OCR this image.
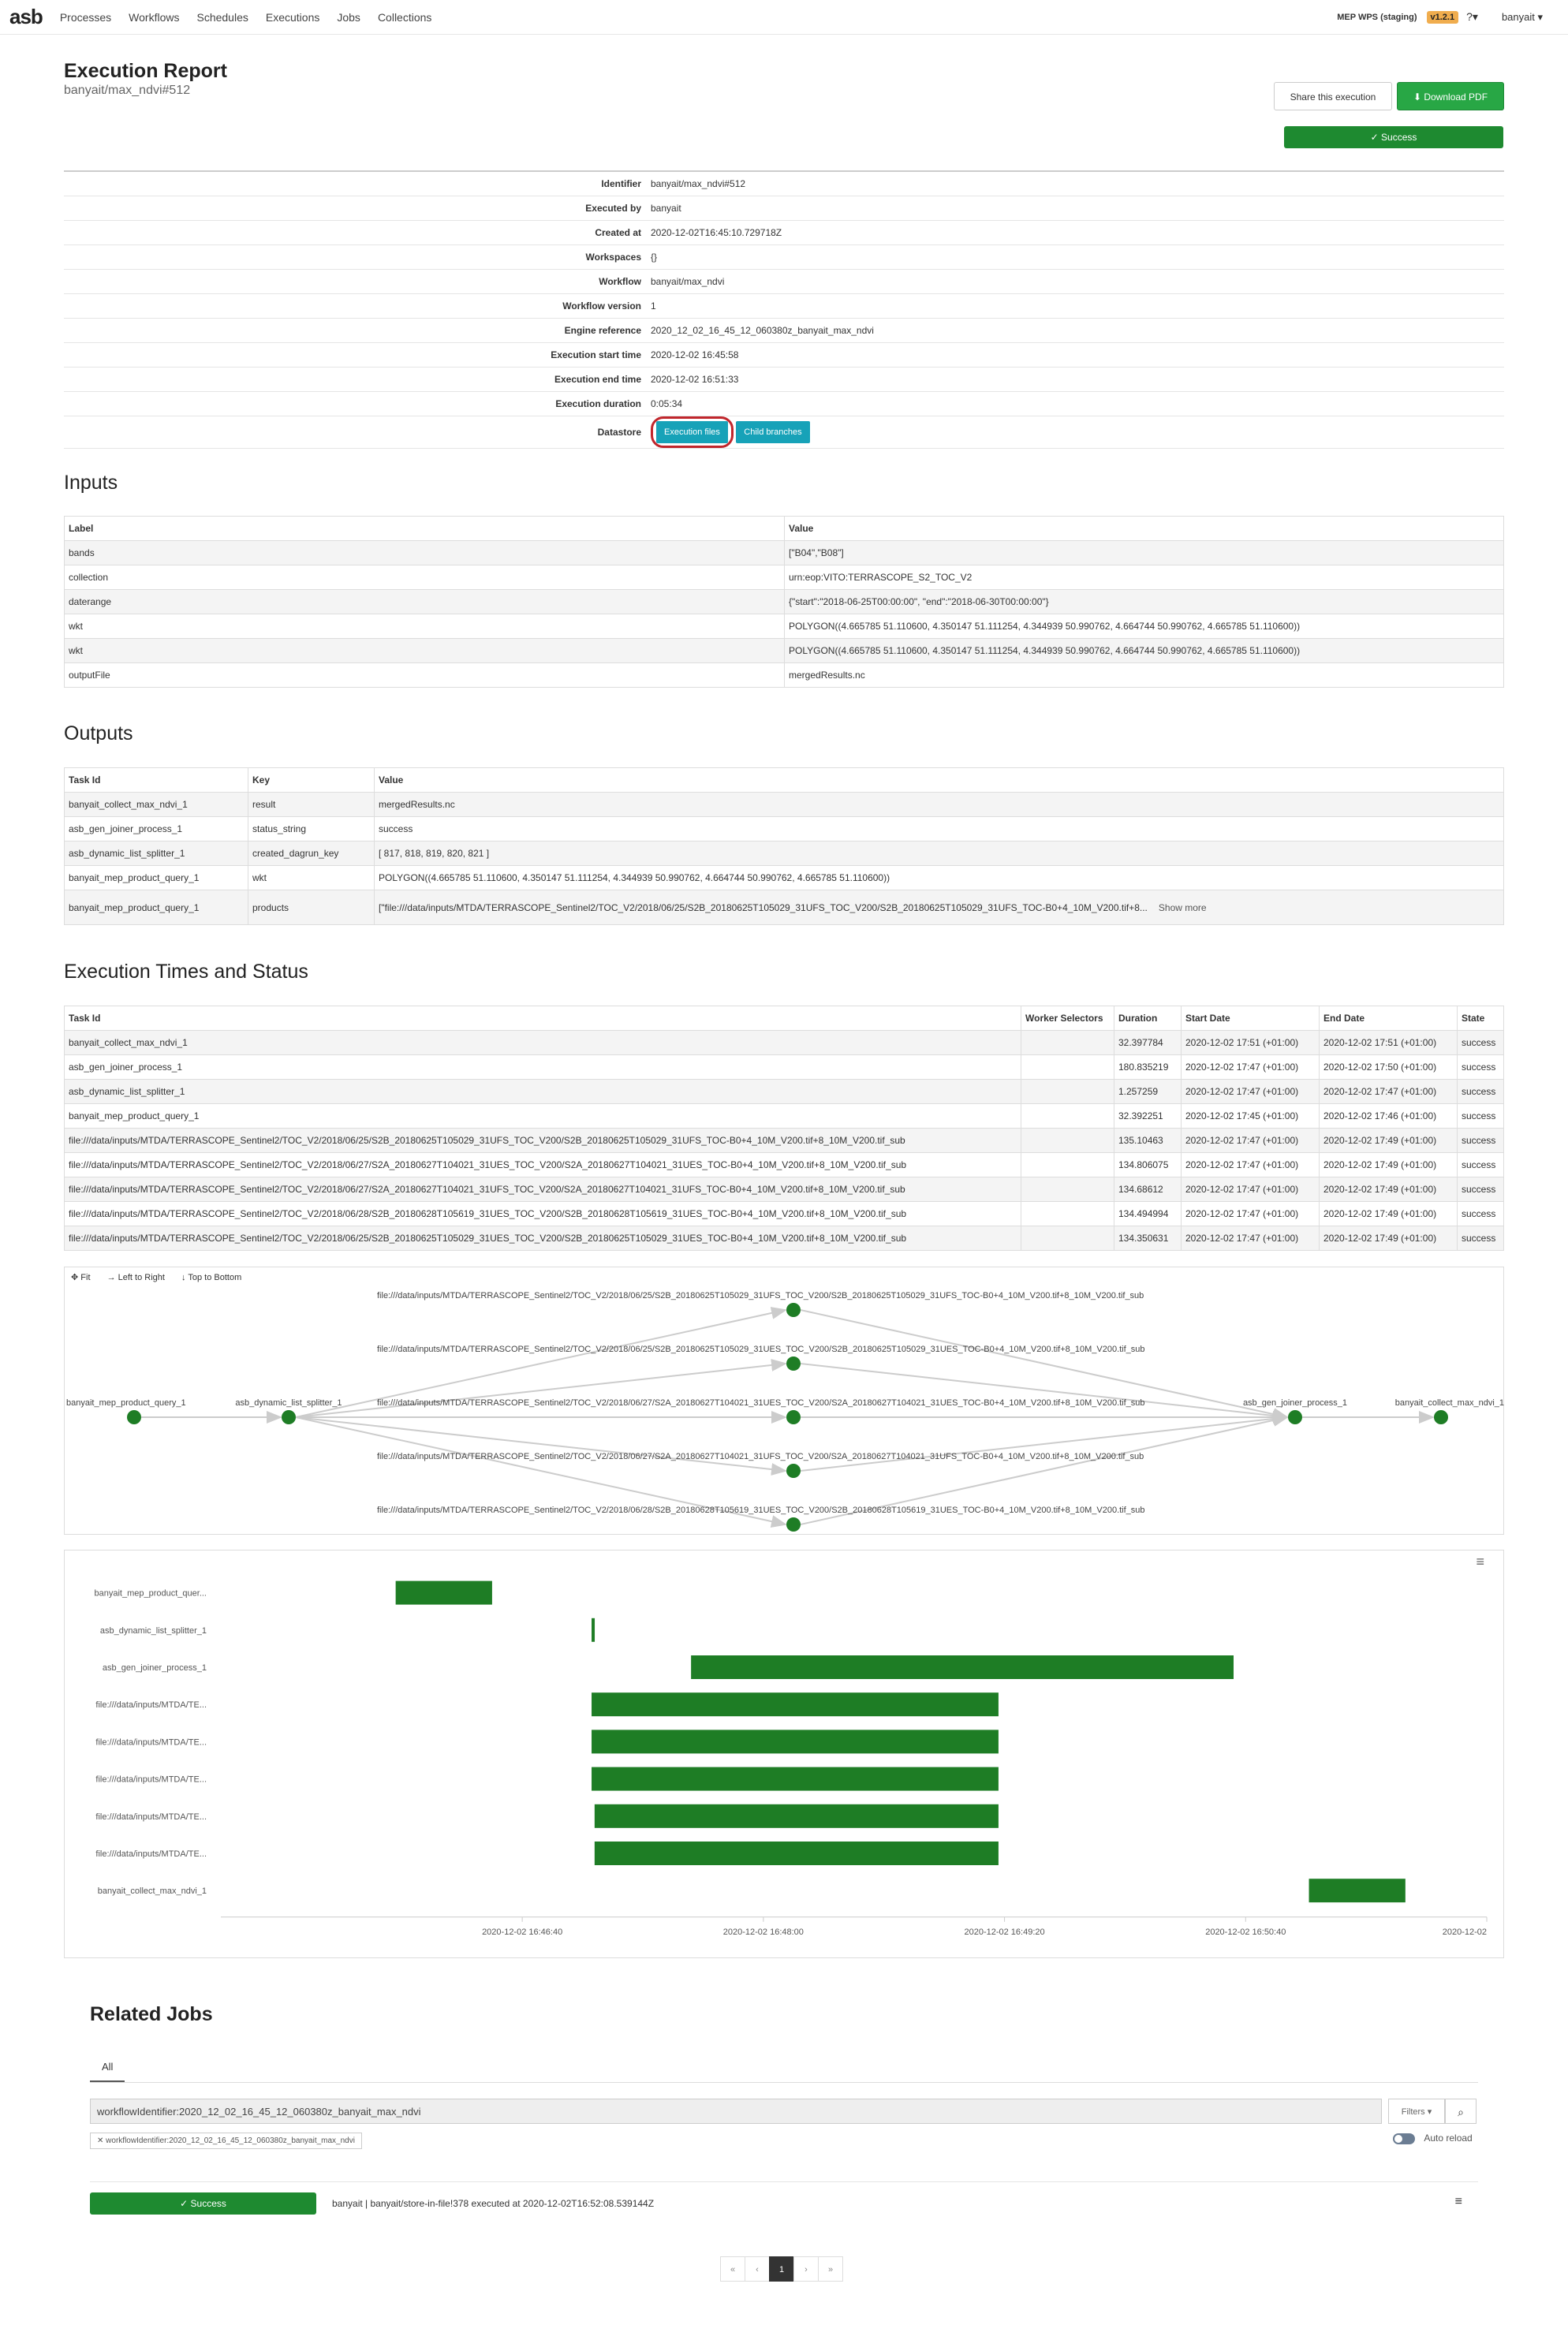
asb Processes Workflows Schedules Executions Jobs Collections	MEP WPS (staging)	v1.2.1	?▾ banyait ▾
Execution Report
banyait/max_ndvi#512	Share this execution	⬇ Download PDF
✓ Success
Identifier	banyait/max_ndvi#512
Executed by	banyait
Created at	2020-12-02T16:45:10.729718Z
Workspaces	{}
Workflow	banyait/max_ndvi
Workflow version	1
Engine reference	2020_12_02_16_45_12_060380z_banyait_max_ndvi
Execution start time	2020-12-02 16:45:58
Execution end time	2020-12-02 16:51:33
Execution duration	0:05:34
Datastore	Execution files Child branches
Inputs
Label	Value
bands	["B04","B08"]
collection	urn:eop:VITO:TERRASCOPE_S2_TOC_V2
daterange	{"start":"2018-06-25T00:00:00", "end":"2018-06-30T00:00:00"}
wkt	POLYGON((4.665785 51.110600, 4.350147 51.111254, 4.344939 50.990762, 4.664744 50.990762, 4.665785 51.110600))
wkt	POLYGON((4.665785 51.110600, 4.350147 51.111254, 4.344939 50.990762, 4.664744 50.990762, 4.665785 51.110600))
outputFile	mergedResults.nc
Outputs
Task Id	Key	Value
banyait_collect_max_ndvi_1	result	mergedResults.nc
asb_gen_joiner_process_1	status_string	success
asb_dynamic_list_splitter_1	created_dagrun_key	[ 817, 818, 819, 820, 821 ]
banyait_mep_product_query_1	wkt	POLYGON((4.665785 51.110600, 4.350147 51.111254, 4.344939 50.990762, 4.664744 50.990762, 4.665785 51.110600))
banyait_mep_product_query_1	products	["file:///data/inputs/MTDA/TERRASCOPE_Sentinel2/TOC_V2/2018/06/25/S2B_20180625T105029_31UFS_TOC_V200/S2B_20180625T105029_31UFS_TOC-B0+4_10M_V200.tif+8... Show more
Execution Times and Status
Task Id	Worker Selectors	Duration	Start Date	End Date	State
banyait_collect_max_ndvi_1		32.397784	2020-12-02 17:51 (+01:00)	2020-12-02 17:51 (+01:00)	success
asb_gen_joiner_process_1		180.835219	2020-12-02 17:47 (+01:00)	2020-12-02 17:50 (+01:00)	success
asb_dynamic_list_splitter_1		1.257259	2020-12-02 17:47 (+01:00)	2020-12-02 17:47 (+01:00)	success
banyait_mep_product_query_1		32.392251	2020-12-02 17:45 (+01:00)	2020-12-02 17:46 (+01:00)	success
file:///data/inputs/MTDA/TERRASCOPE_Sentinel2/TOC_V2/2018/06/25/S2B_20180625T105029_31UFS_TOC_V200/S2B_20180625T105029_31UFS_TOC-B0+4_10M_V200.tif+8_10M_V200.tif_sub		135.10463	2020-12-02 17:47 (+01:00)	2020-12-02 17:49 (+01:00)	success
file:///data/inputs/MTDA/TERRASCOPE_Sentinel2/TOC_V2/2018/06/27/S2A_20180627T104021_31UES_TOC_V200/S2A_20180627T104021_31UES_TOC-B0+4_10M_V200.tif+8_10M_V200.tif_sub		134.806075	2020-12-02 17:47 (+01:00)	2020-12-02 17:49 (+01:00)	success
file:///data/inputs/MTDA/TERRASCOPE_Sentinel2/TOC_V2/2018/06/27/S2A_20180627T104021_31UFS_TOC_V200/S2A_20180627T104021_31UFS_TOC-B0+4_10M_V200.tif+8_10M_V200.tif_sub		134.68612	2020-12-02 17:47 (+01:00)	2020-12-02 17:49 (+01:00)	success
file:///data/inputs/MTDA/TERRASCOPE_Sentinel2/TOC_V2/2018/06/28/S2B_20180628T105619_31UES_TOC_V200/S2B_20180628T105619_31UES_TOC-B0+4_10M_V200.tif+8_10M_V200.tif_sub		134.494994	2020-12-02 17:47 (+01:00)	2020-12-02 17:49 (+01:00)	success
file:///data/inputs/MTDA/TERRASCOPE_Sentinel2/TOC_V2/2018/06/25/S2B_20180625T105029_31UES_TOC_V200/S2B_20180625T105029_31UES_TOC-B0+4_10M_V200.tif+8_10M_V200.tif_sub		134.350631	2020-12-02 17:47 (+01:00)	2020-12-02 17:49 (+01:00)	success
✥ Fit → Left to Right ↓ Top to Bottom
banyait_mep_product_query_1	asb_dynamic_list_splitter_1
file:///data/inputs/MTDA/TERRASCOPE_Sentinel2/TOC_V2/2018/06/25/S2B_20180625T105029_31UES_TOC_V200/S2B_20180625T105029_31UES_TOC-B0+4_10M_V200.tif+8_10M_V200.tif_sub
file:///data/inputs/MTDA/TERRASCOPE_Sentinel2/TOC_V2/2018/06/25/S2B_20180625T105029_31UFS_TOC_V200/S2B_20180625T105029_31UFS_TOC-B0+4_10M_V200.tif+8_10M_V200.tif_sub
file:///data/inputs/MTDA/TERRASCOPE_Sentinel2/TOC_V2/2018/06/27/S2A_20180627T104021_31UES_TOC_V200/S2A_20180627T104021_31UES_TOC-B0+4_10M_V200.tif+8_10M_V200.tif_sub
file:///data/inputs/MTDA/TERRASCOPE_Sentinel2/TOC_V2/2018/06/27/S2A_20180627T104021_31UFS_TOC_V200/S2A_20180627T104021_31UFS_TOC-B0+4_10M_V200.tif+8_10M_V200.tif_sub
file:///data/inputs/MTDA/TERRASCOPE_Sentinel2/TOC_V2/2018/06/28/S2B_20180628T105619_31UES_TOC_V200/S2B_20180628T105619_31UES_TOC-B0+4_10M_V200.tif+8_10M_V200.tif_sub
asb_gen_joiner_process_1	banyait_collect_max_ndvi_1
≡
banyait_mep_product_quer...
asb_dynamic_list_splitter_1
asb_gen_joiner_process_1
file:///data/inputs/MTDA/TE...
file:///data/inputs/MTDA/TE...
file:///data/inputs/MTDA/TE...
file:///data/inputs/MTDA/TE...
file:///data/inputs/MTDA/TE...
banyait_collect_max_ndvi_1
2020-12-02 16:46:40	2020-12-02 16:48:00	2020-12-02 16:49:20	2020-12-02 16:50:40	2020-12-02
Related Jobs
All
workflowIdentifier:2020_12_02_16_45_12_060380z_banyait_max_ndvi	Filters ▾	⌕
✕ workflowIdentifier:2020_12_02_16_45_12_060380z_banyait_max_ndvi	Auto reload
✓ Success	banyait | banyait/store-in-file!378 executed at 2020-12-02T16:52:08.539144Z	≡
« ‹ 1 › »
